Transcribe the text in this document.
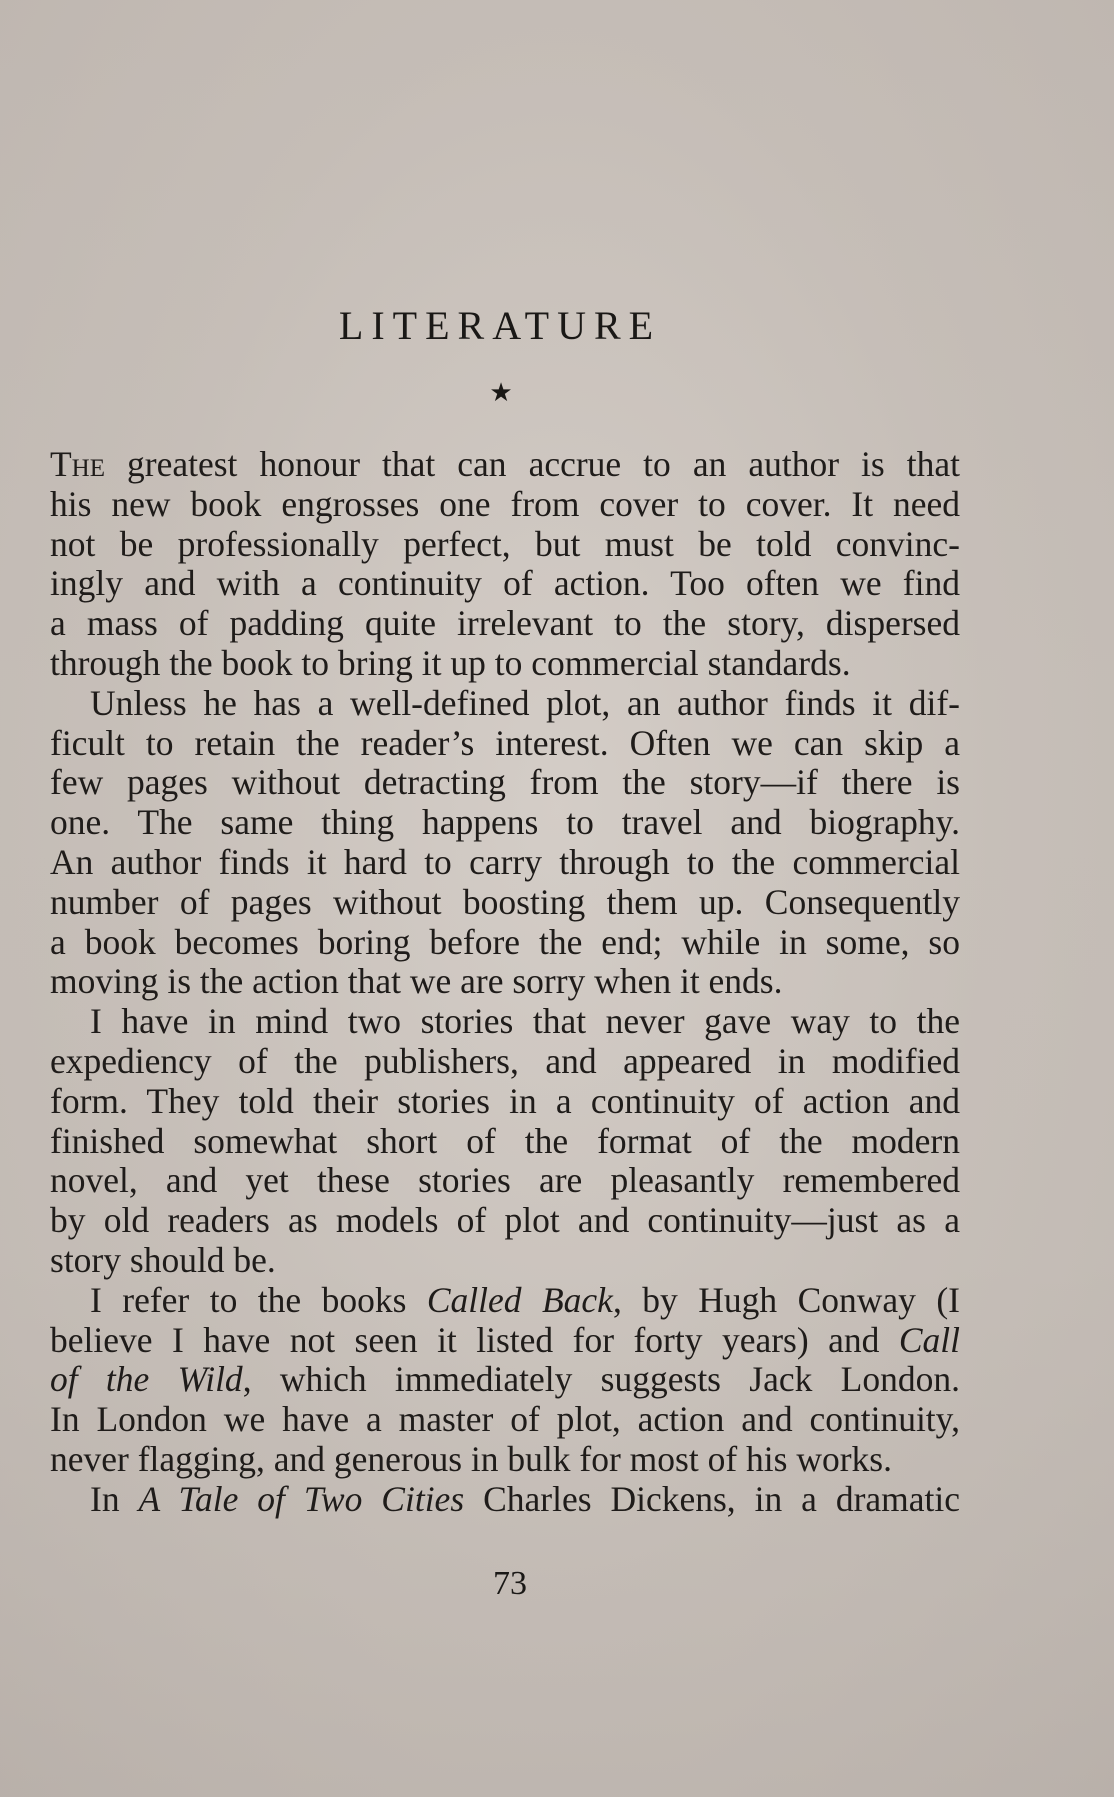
LITERATURE
★

The greatest honour that can accrue to an author is that
his new book engrosses one from cover to cover. It need
not be professionally perfect, but must be told convinc-
ingly and with a continuity of action. Too often we find
a mass of padding quite irrelevant to the story, dispersed
through the book to bring it up to commercial standards.

Unless he has a well-defined plot, an author finds it dif-
ficult to retain the reader’s interest. Often we can skip a
few pages without detracting from the story—if there is
one. The same thing happens to travel and biography.
An author finds it hard to carry through to the commercial
number of pages without boosting them up. Consequently
a book becomes boring before the end; while in some, so
moving is the action that we are sorry when it ends.

I have in mind two stories that never gave way to the
expediency of the publishers, and appeared in modified
form. They told their stories in a continuity of action and
finished somewhat short of the format of the modern
novel, and yet these stories are pleasantly remembered
by old readers as models of plot and continuity—just as a
story should be.

I refer to the books Called Back, by Hugh Conway (I
believe I have not seen it listed for forty years) and Call
of the Wild, which immediately suggests Jack London.
In London we have a master of plot, action and continuity,
never flagging, and generous in bulk for most of his works.

In A Tale of Two Cities Charles Dickens, in a dramatic

73
